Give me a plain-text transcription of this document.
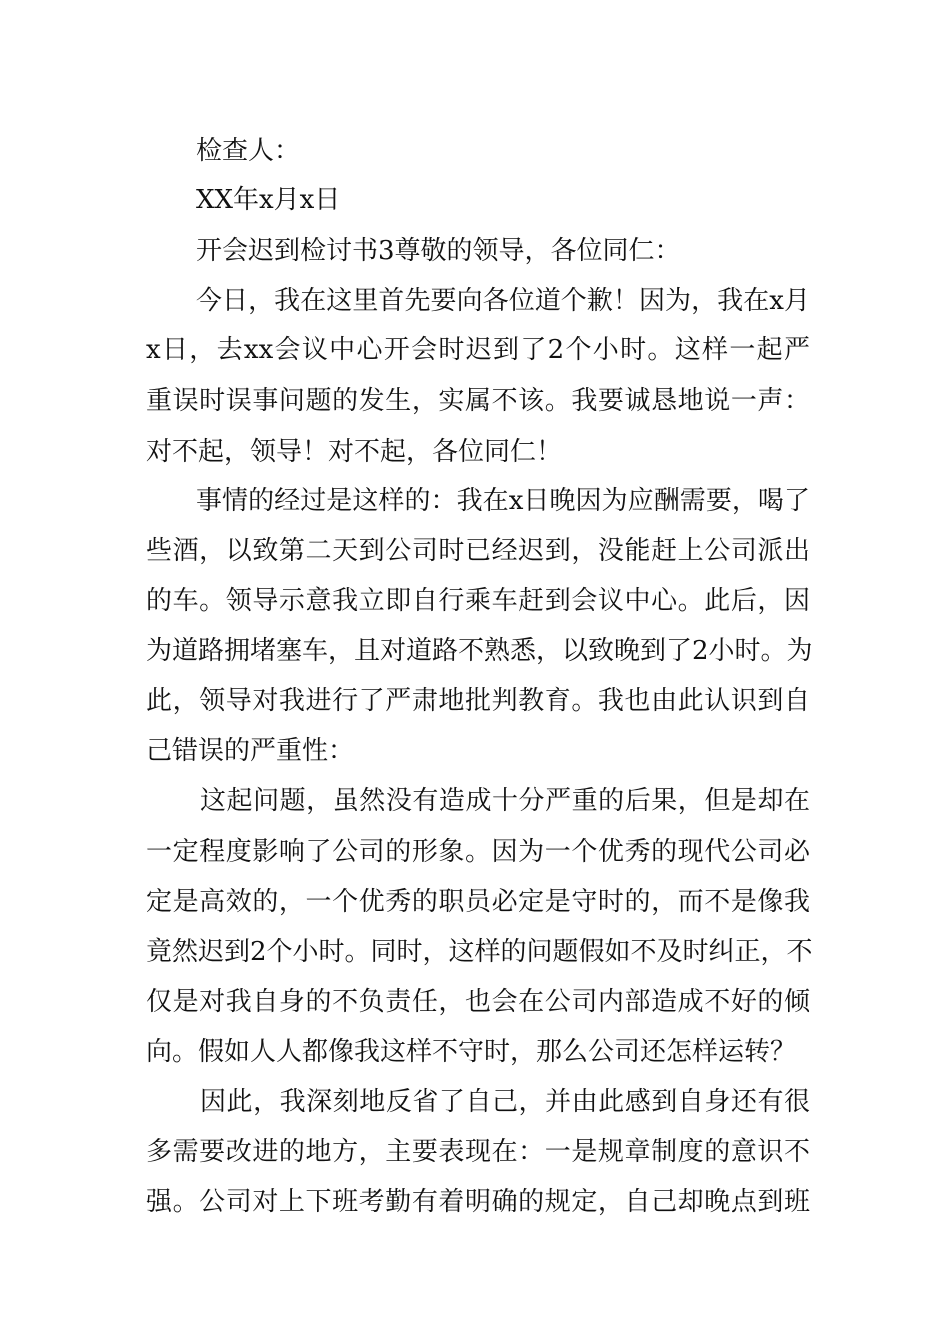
检查人：
XX年x月x日
开会迟到检讨书3尊敬的领导，各位同仁：
今日，我在这里首先要向各位道个歉！因为，我在x月
x日，去xx会议中心开会时迟到了2个小时。这样一起严
重误时误事问题的发生，实属不该。我要诚恳地说一声：
对不起，领导！对不起，各位同仁！
事情的经过是这样的：我在x日晚因为应酬需要，喝了
些酒，以致第二天到公司时已经迟到，没能赶上公司派出
的车。领导示意我立即自行乘车赶到会议中心。此后，因
为道路拥堵塞车，且对道路不熟悉，以致晚到了2小时。为
此，领导对我进行了严肃地批判教育。我也由此认识到自
己错误的严重性：
这起问题，虽然没有造成十分严重的后果，但是却在
一定程度影响了公司的形象。因为一个优秀的现代公司必
定是高效的，一个优秀的职员必定是守时的，而不是像我
竟然迟到2个小时。同时，这样的问题假如不及时纠正，不
仅是对我自身的不负责任，也会在公司内部造成不好的倾
向。假如人人都像我这样不守时，那么公司还怎样运转？
因此，我深刻地反省了自己，并由此感到自身还有很
多需要改进的地方，主要表现在：一是规章制度的意识不
强。公司对上下班考勤有着明确的规定，自己却晚点到班
